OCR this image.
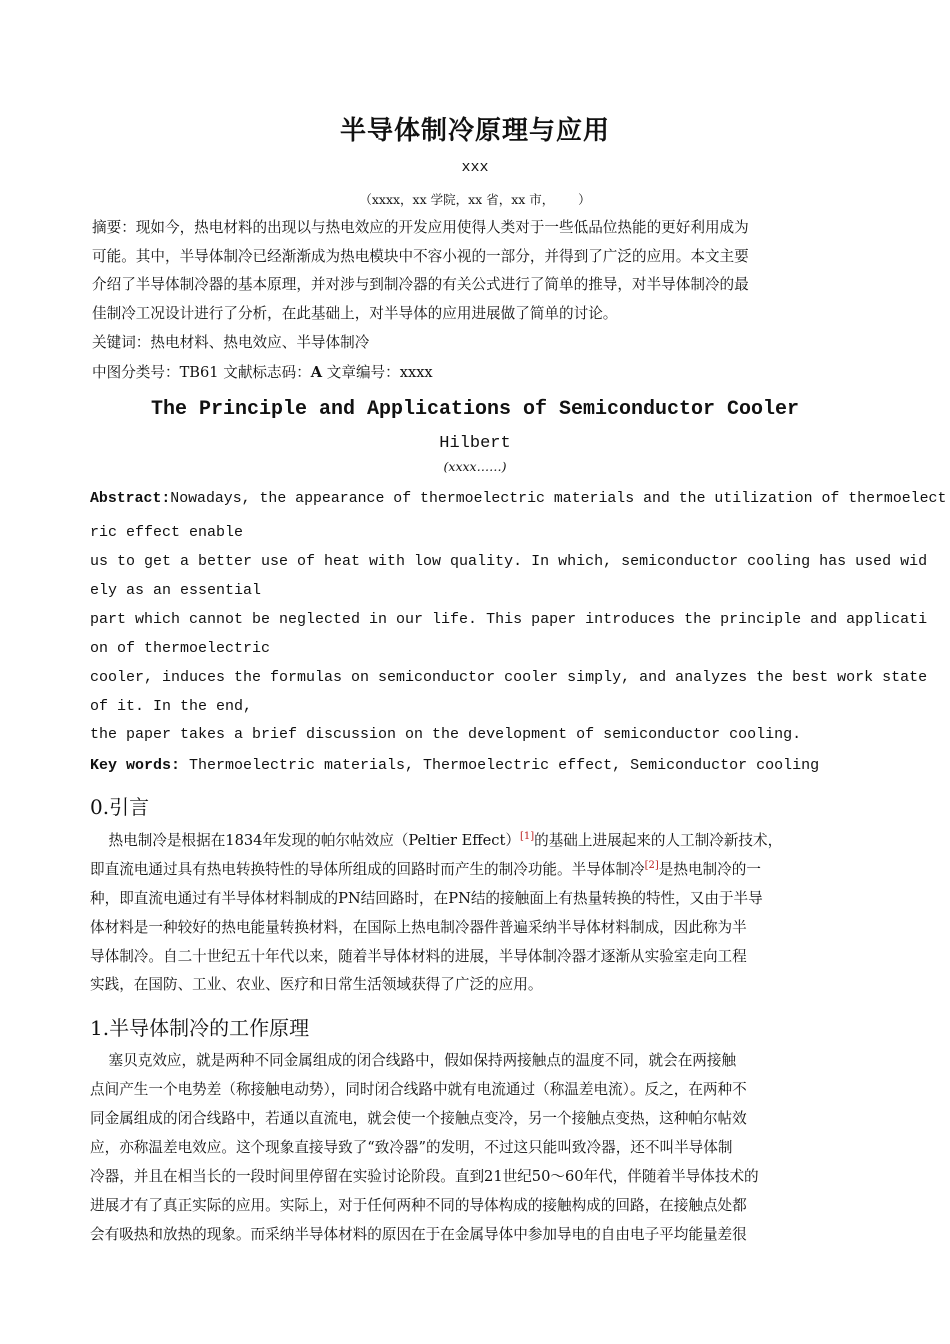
半导体制冷原理与应用
xxx
（xxxx，xx 学院，xx 省，xx 市，      ）
摘要：现如今，热电材料的出现以与热电效应的开发应用使得人类对于一些低品位热能的更好利用成为
可能。其中，半导体制冷已经渐渐成为热电模块中不容小视的一部分，并得到了广泛的应用。本文主要
介绍了半导体制冷器的基本原理，并对涉与到制冷器的有关公式进行了简单的推导，对半导体制冷的最
佳制冷工况设计进行了分析，在此基础上，对半导体的应用进展做了简单的讨论。
关键词：热电材料、热电效应、半导体制冷
中图分类号：TB61 文献标志码：A 文章编号：xxxx
The Principle and Applications of Semiconductor Cooler
Hilbert
(xxxx……)
Abstract:Nowadays, the appearance of thermoelectric materials and the utilization of thermoelect
ric effect enable
us to get a better use of heat with low quality. In which, semiconductor cooling has used wid
ely as an essential
part which cannot be neglected in our life. This paper introduces the principle and applicati
on of thermoelectric
cooler, induces the formulas on semiconductor cooler simply, and analyzes the best work state
of it. In the end,
the paper takes a brief discussion on the development of semiconductor cooling.
Key words: Thermoelectric materials, Thermoelectric effect, Semiconductor cooling
0.引言
热电制冷是根据在1834年发现的帕尔帖效应（Peltier Effect）[1]的基础上进展起来的人工制冷新技术，
即直流电通过具有热电转换特性的导体所组成的回路时而产生的制冷功能。半导体制冷[2]是热电制冷的一
种，即直流电通过有半导体材料制成的PN结回路时，在PN结的接触面上有热量转换的特性，又由于半导
体材料是一种较好的热电能量转换材料，在国际上热电制冷器件普遍采纳半导体材料制成，因此称为半
导体制冷。自二十世纪五十年代以来，随着半导体材料的进展，半导体制冷器才逐渐从实验室走向工程
实践，在国防、工业、农业、医疗和日常生活领域获得了广泛的应用。
1.半导体制冷的工作原理
塞贝克效应，就是两种不同金属组成的闭合线路中，假如保持两接触点的温度不同，就会在两接触
点间产生一个电势差（称接触电动势），同时闭合线路中就有电流通过（称温差电流）。反之，在两种不
同金属组成的闭合线路中，若通以直流电，就会使一个接触点变冷，另一个接触点变热，这种帕尔帖效
应，亦称温差电效应。这个现象直接导致了“致冷器”的发明，不过这只能叫致冷器，还不叫半导体制
冷器，并且在相当长的一段时间里停留在实验讨论阶段。直到21世纪50～60年代，伴随着半导体技术的
进展才有了真正实际的应用。实际上，对于任何两种不同的导体构成的接触构成的回路，在接触点处都
会有吸热和放热的现象。而采纳半导体材料的原因在于在金属导体中参加导电的自由电子平均能量差很
